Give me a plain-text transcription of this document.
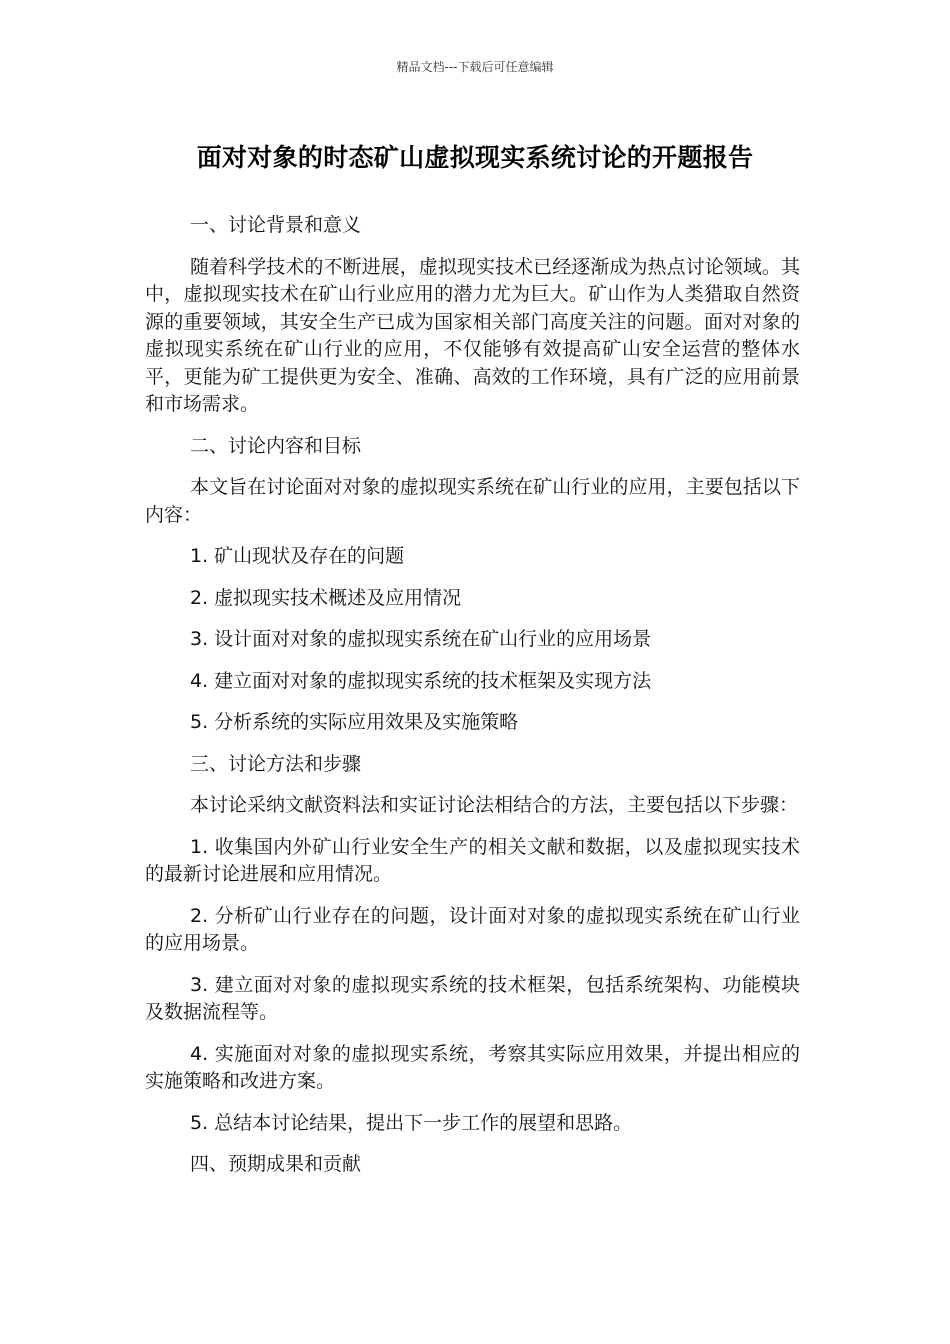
精品文档---下载后可任意编辑
面对对象的时态矿山虚拟现实系统讨论的开题报告

一、讨论背景和意义

随着科学技术的不断进展，虚拟现实技术已经逐渐成为热点讨论领域。其中，虚拟现实技术在矿山行业应用的潜力尤为巨大。矿山作为人类猎取自然资源的重要领域，其安全生产已成为国家相关部门高度关注的问题。面对对象的虚拟现实系统在矿山行业的应用，不仅能够有效提高矿山安全运营的整体水平，更能为矿工提供更为安全、准确、高效的工作环境，具有广泛的应用前景和市场需求。

二、讨论内容和目标

本文旨在讨论面对对象的虚拟现实系统在矿山行业的应用，主要包括以下内容：

1. 矿山现状及存在的问题

2. 虚拟现实技术概述及应用情况

3. 设计面对对象的虚拟现实系统在矿山行业的应用场景

4. 建立面对对象的虚拟现实系统的技术框架及实现方法

5. 分析系统的实际应用效果及实施策略

三、讨论方法和步骤

本讨论采纳文献资料法和实证讨论法相结合的方法，主要包括以下步骤：

1. 收集国内外矿山行业安全生产的相关文献和数据，以及虚拟现实技术的最新讨论进展和应用情况。

2. 分析矿山行业存在的问题，设计面对对象的虚拟现实系统在矿山行业的应用场景。

3. 建立面对对象的虚拟现实系统的技术框架，包括系统架构、功能模块及数据流程等。

4. 实施面对对象的虚拟现实系统，考察其实际应用效果，并提出相应的实施策略和改进方案。

5. 总结本讨论结果，提出下一步工作的展望和思路。

四、预期成果和贡献
